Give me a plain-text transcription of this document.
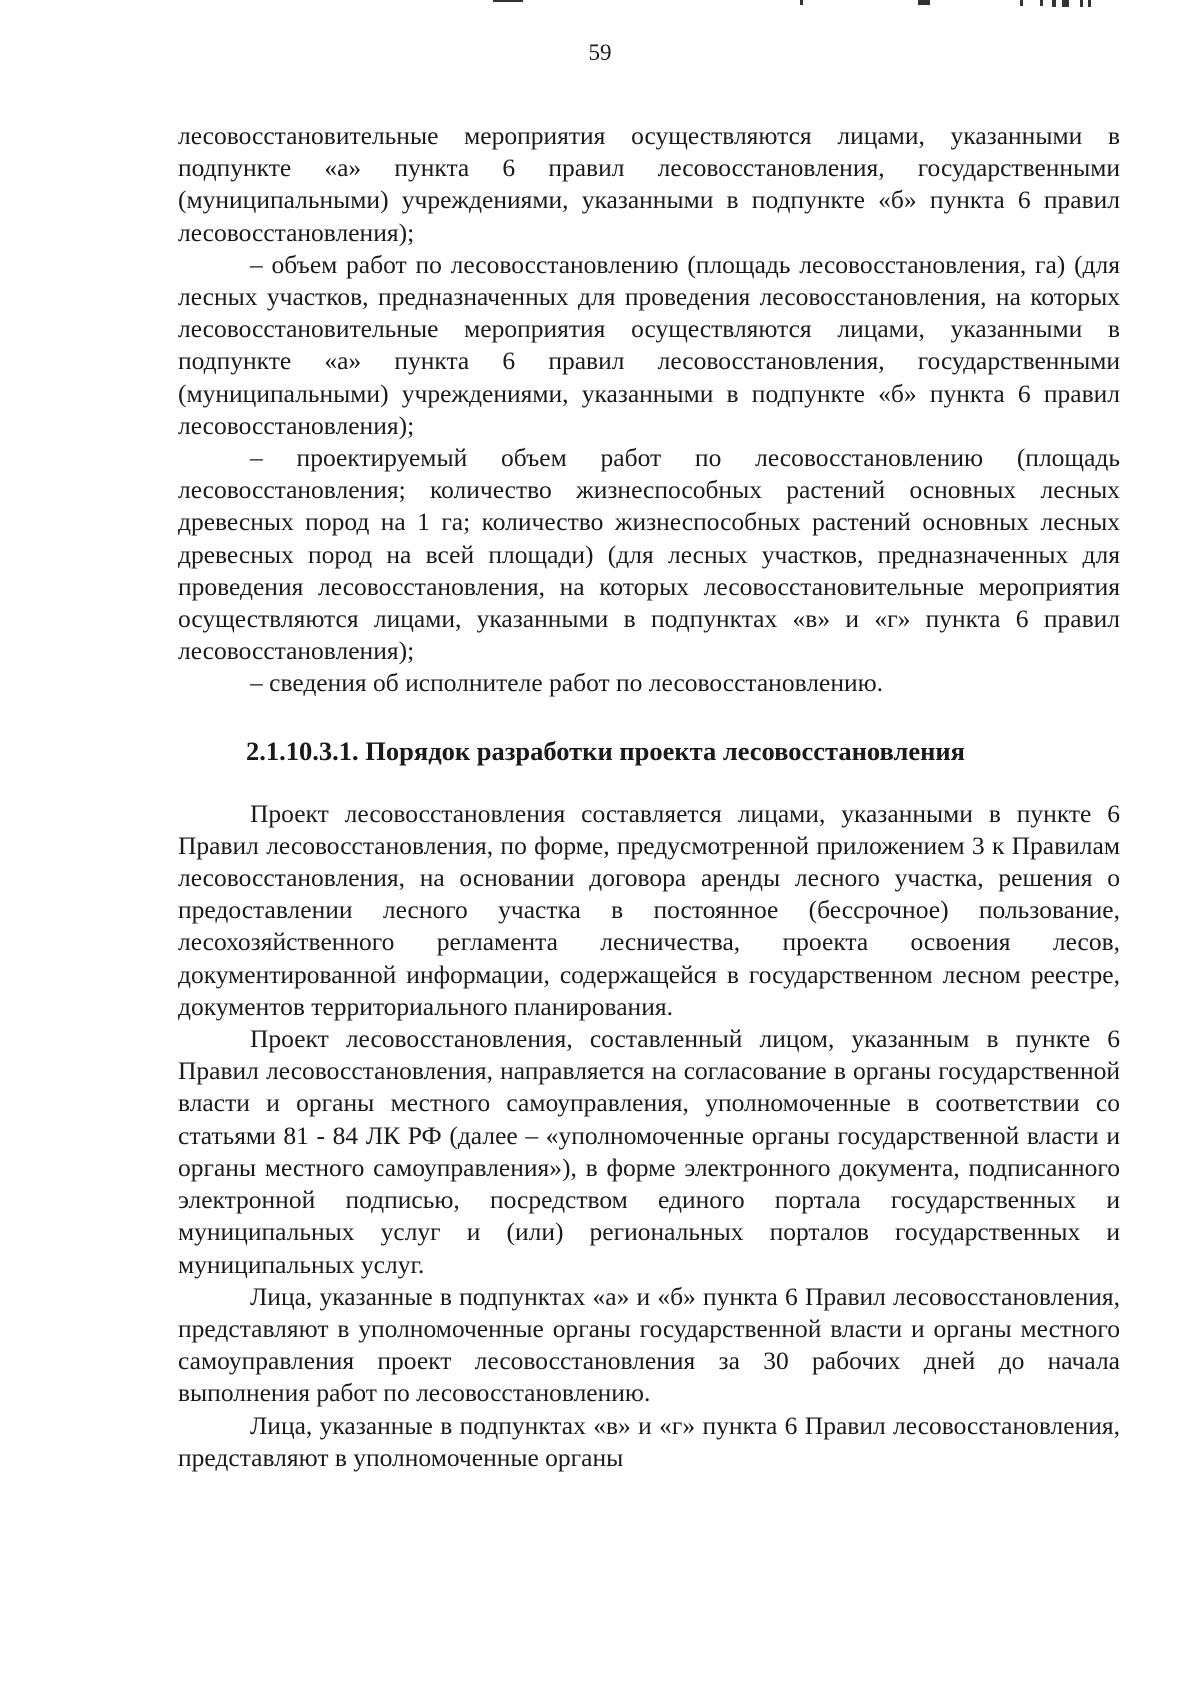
59

лесовосстановительные мероприятия осуществляются лицами, указанными в подпункте «а» пункта 6 правил лесовосстановления, государственными (муниципальными) учреждениями, указанными в подпункте «б» пункта 6 правил лесовосстановления);

– объем работ по лесовосстановлению (площадь лесовосстановления, га) (для лесных участков, предназначенных для проведения лесовосстановления, на которых лесовосстановительные мероприятия осуществляются лицами, указанными в подпункте «а» пункта 6 правил лесовосстановления, государственными (муниципальными) учреждениями, указанными в подпункте «б» пункта 6 правил лесовосстановления);

– проектируемый объем работ по лесовосстановлению (площадь лесовосстановления; количество жизнеспособных растений основных лесных древесных пород на 1 га; количество жизнеспособных растений основных лесных древесных пород на всей площади) (для лесных участков, предназначенных для проведения лесовосстановления, на которых лесовосстановительные мероприятия осуществляются лицами, указанными в подпунктах «в» и «г» пункта 6 правил лесовосстановления);

– сведения об исполнителе работ по лесовосстановлению.

2.1.10.3.1. Порядок разработки проекта лесовосстановления

Проект лесовосстановления составляется лицами, указанными в пункте 6 Правил лесовосстановления, по форме, предусмотренной приложением 3 к Правилам лесовосстановления, на основании договора аренды лесного участка, решения о предоставлении лесного участка в постоянное (бессрочное) пользование, лесохозяйственного регламента лесничества, проекта освоения лесов, документированной информации, содержащейся в государственном лесном реестре, документов территориального планирования.

Проект лесовосстановления, составленный лицом, указанным в пункте 6 Правил лесовосстановления, направляется на согласование в органы государственной власти и органы местного самоуправления, уполномоченные в соответствии со статьями 81 - 84 ЛК РФ (далее – «уполномоченные органы государственной власти и органы местного самоуправления»), в форме электронного документа, подписанного электронной подписью, посредством единого портала государственных и муниципальных услуг и (или) региональных порталов государственных и муниципальных услуг.

Лица, указанные в подпунктах «а» и «б» пункта 6 Правил лесовосстановления, представляют в уполномоченные органы государственной власти и органы местного самоуправления проект лесовосстановления за 30 рабочих дней до начала выполнения работ по лесовосстановлению.

Лица, указанные в подпунктах «в» и «г» пункта 6 Правил лесовосстановления, представляют в уполномоченные органы
